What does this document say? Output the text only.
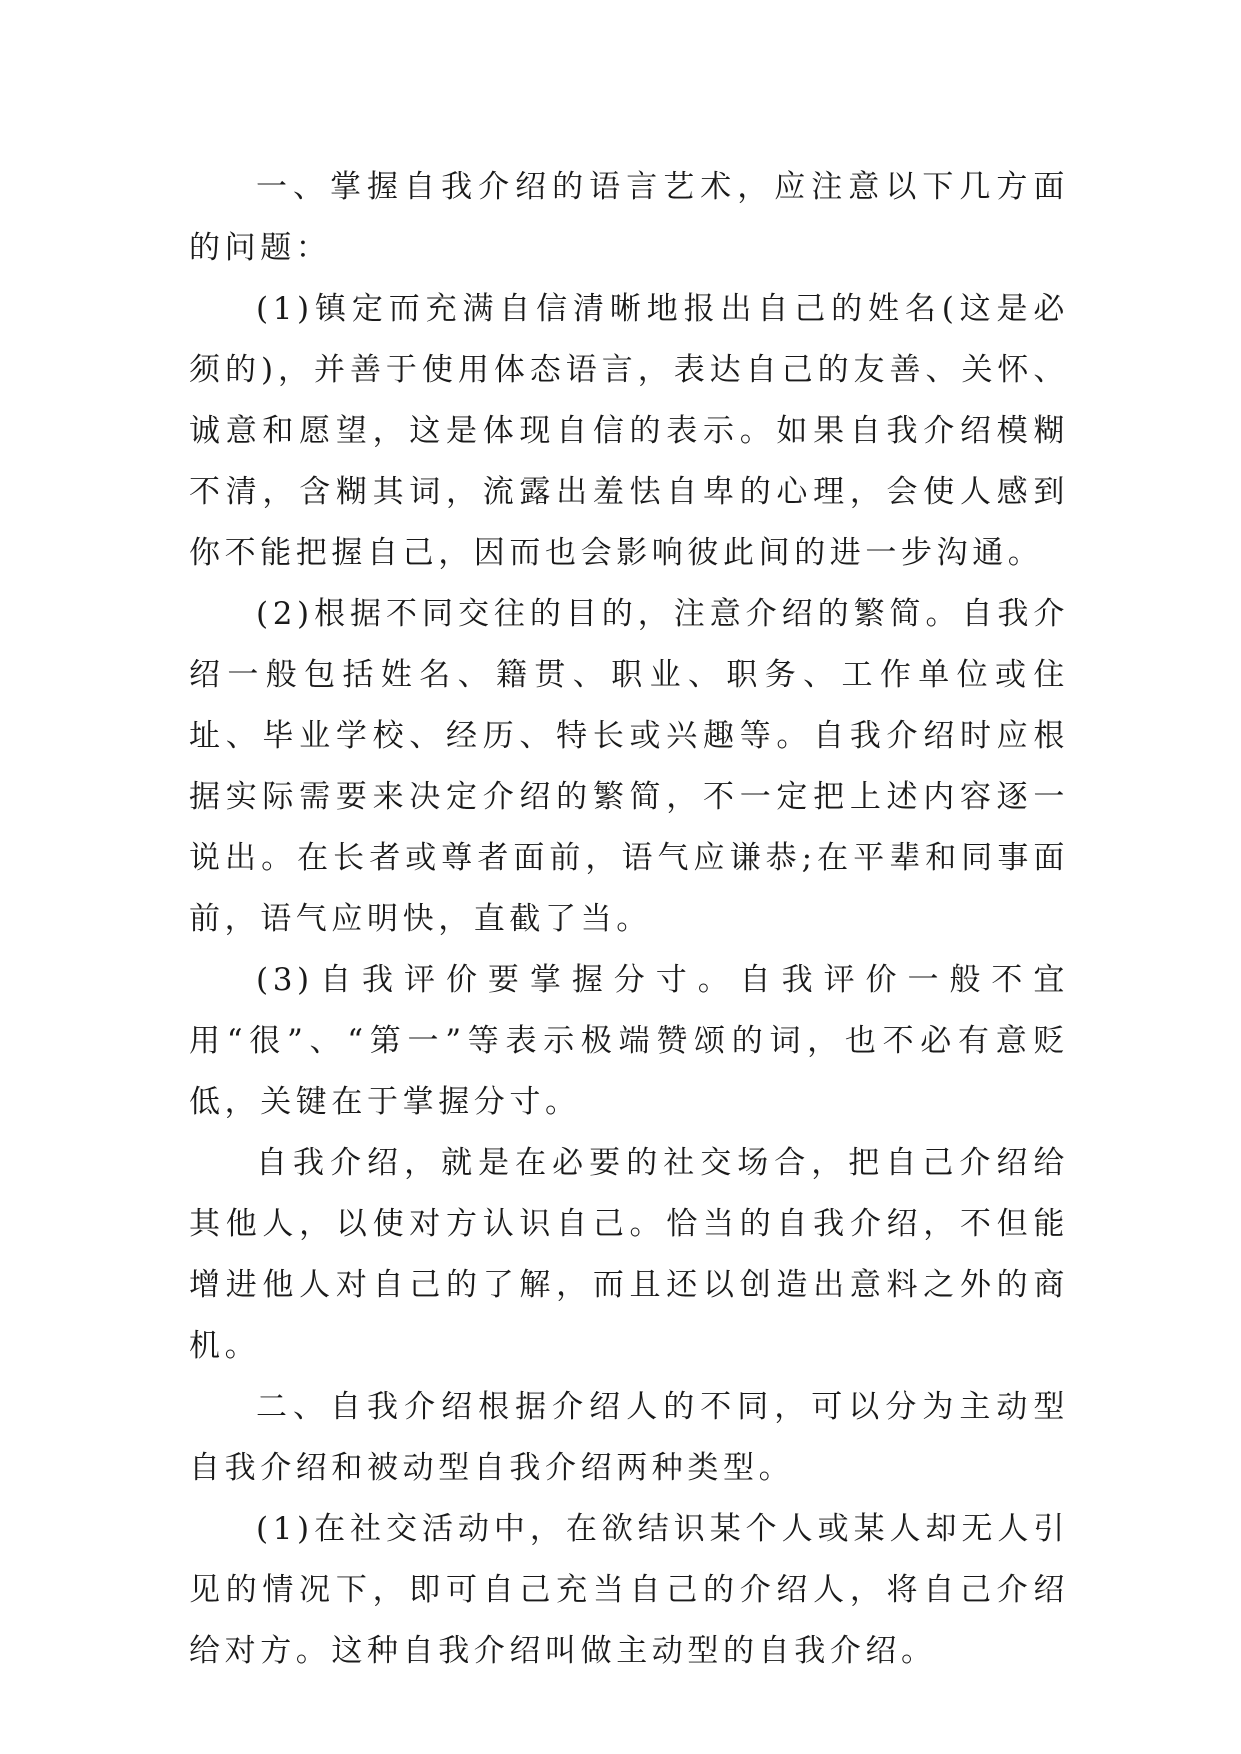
一、掌握自我介绍的语言艺术，应注意以下几方面的问题：

(1)镇定而充满自信清晰地报出自己的姓名(这是必须的)，并善于使用体态语言，表达自己的友善、关怀、诚意和愿望，这是体现自信的表示。如果自我介绍模糊不清，含糊其词，流露出羞怯自卑的心理，会使人感到你不能把握自己，因而也会影响彼此间的进一步沟通。

(2)根据不同交往的目的，注意介绍的繁简。自我介绍一般包括姓名、籍贯、职业、职务、工作单位或住址、毕业学校、经历、特长或兴趣等。自我介绍时应根据实际需要来决定介绍的繁简，不一定把上述内容逐一说出。在长者或尊者面前，语气应谦恭;在平辈和同事面前，语气应明快，直截了当。

(3)自我评价要掌握分寸。自我评价一般不宜用“很”、“第一”等表示极端赞颂的词，也不必有意贬低，关键在于掌握分寸。

自我介绍，就是在必要的社交场合，把自己介绍给其他人，以使对方认识自己。恰当的自我介绍，不但能增进他人对自己的了解，而且还以创造出意料之外的商机。

二、自我介绍根据介绍人的不同，可以分为主动型自我介绍和被动型自我介绍两种类型。

(1)在社交活动中，在欲结识某个人或某人却无人引见的情况下，即可自己充当自己的介绍人，将自己介绍给对方。这种自我介绍叫做主动型的自我介绍。
